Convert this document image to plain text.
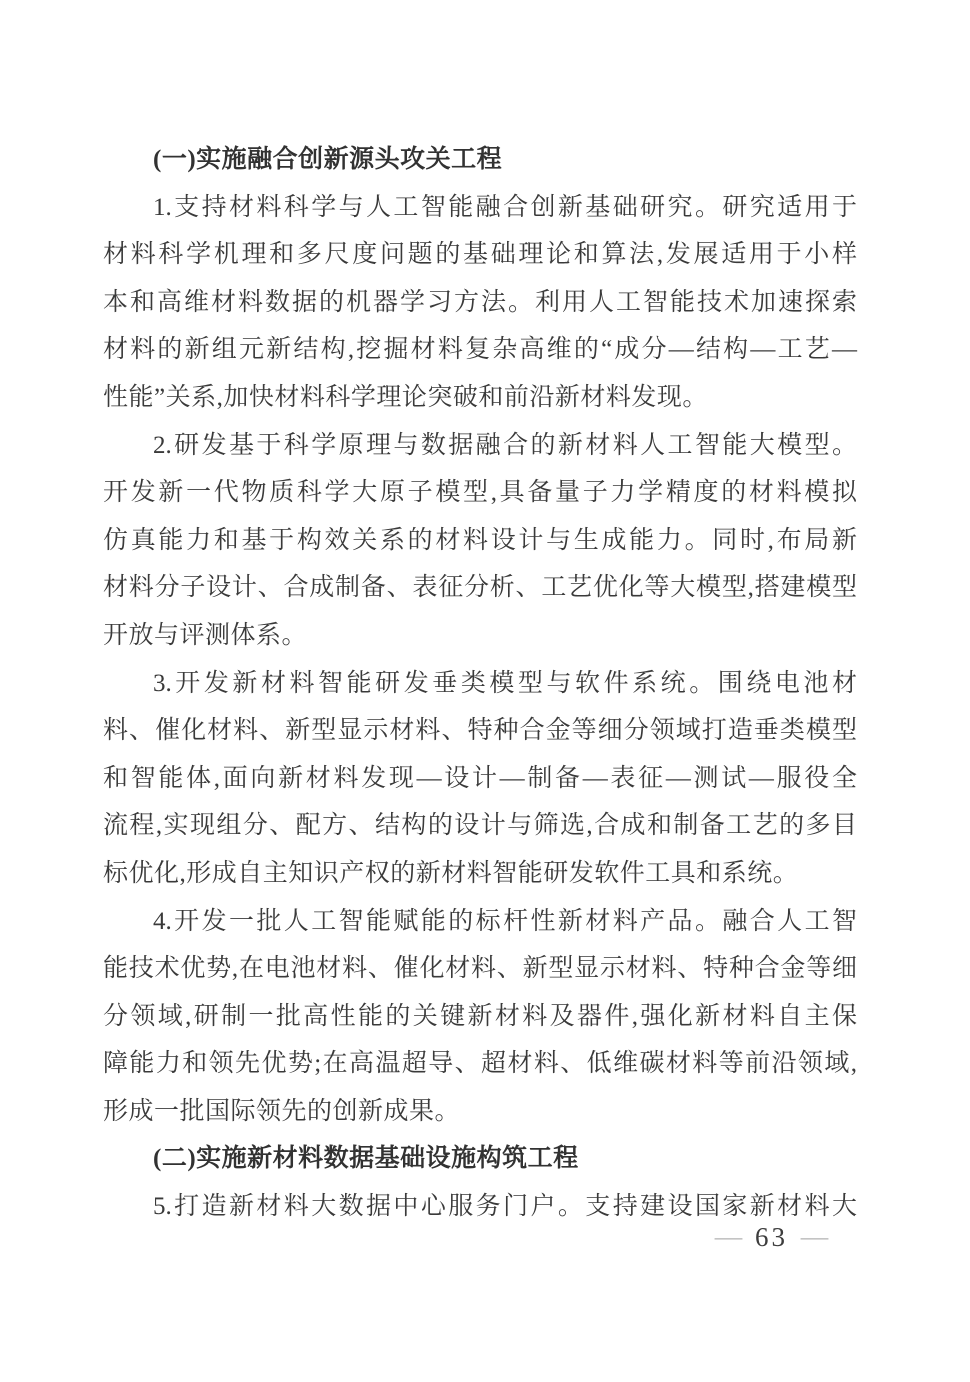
(一)实施融合创新源头攻关工程
1.支持材料科学与人工智能融合创新基础研究。研究适用于
材料科学机理和多尺度问题的基础理论和算法,发展适用于小样
本和高维材料数据的机器学习方法。利用人工智能技术加速探索
材料的新组元新结构,挖掘材料复杂高维的“成分—结构—工艺—
性能”关系,加快材料科学理论突破和前沿新材料发现。
2.研发基于科学原理与数据融合的新材料人工智能大模型。
开发新一代物质科学大原子模型,具备量子力学精度的材料模拟
仿真能力和基于构效关系的材料设计与生成能力。同时,布局新
材料分子设计、合成制备、表征分析、工艺优化等大模型,搭建模型
开放与评测体系。
3.开发新材料智能研发垂类模型与软件系统。围绕电池材
料、催化材料、新型显示材料、特种合金等细分领域打造垂类模型
和智能体,面向新材料发现—设计—制备—表征—测试—服役全
流程,实现组分、配方、结构的设计与筛选,合成和制备工艺的多目
标优化,形成自主知识产权的新材料智能研发软件工具和系统。
4.开发一批人工智能赋能的标杆性新材料产品。融合人工智
能技术优势,在电池材料、催化材料、新型显示材料、特种合金等细
分领域,研制一批高性能的关键新材料及器件,强化新材料自主保
障能力和领先优势;在高温超导、超材料、低维碳材料等前沿领域,
形成一批国际领先的创新成果。
(二)实施新材料数据基础设施构筑工程
5.打造新材料大数据中心服务门户。支持建设国家新材料大
— 63 —
